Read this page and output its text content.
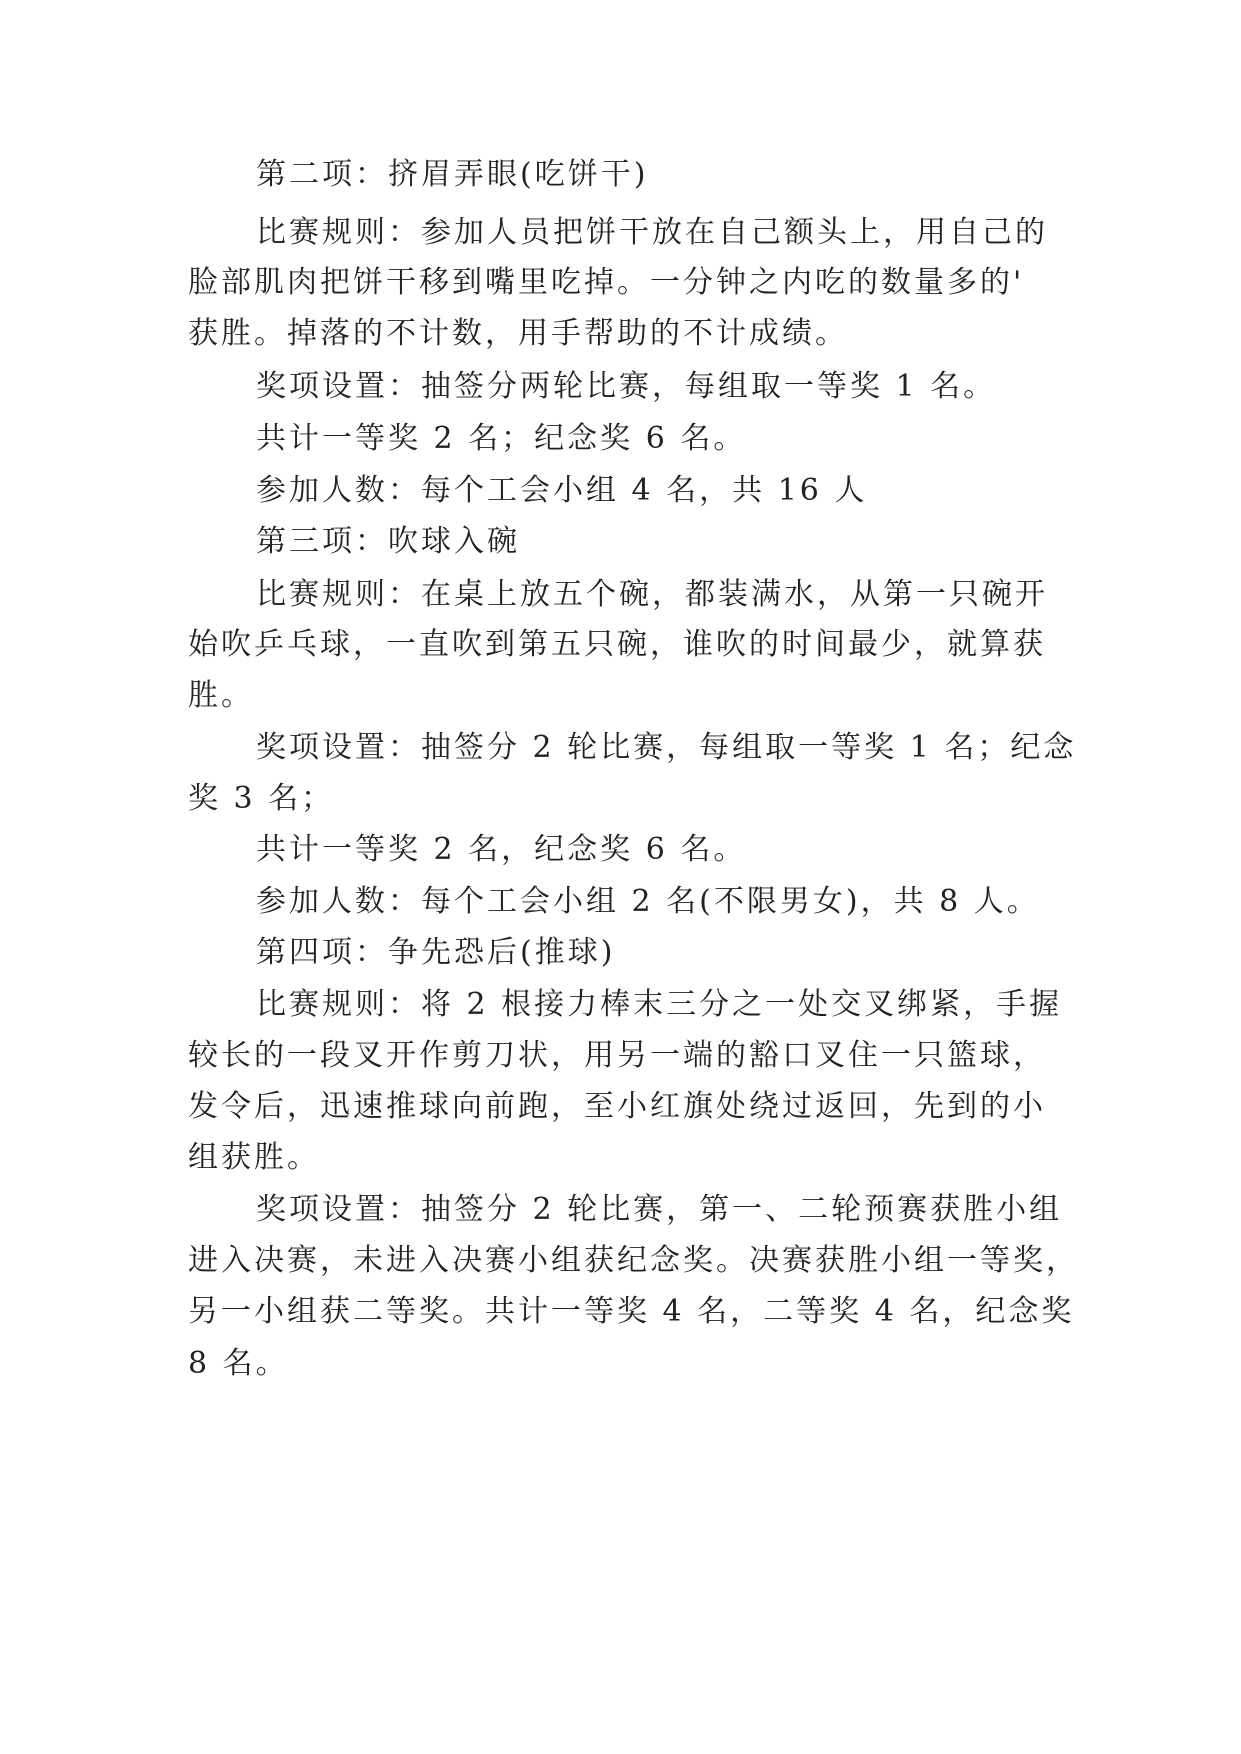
第二项：挤眉弄眼(吃饼干)
比赛规则：参加人员把饼干放在自己额头上，用自己的
脸部肌肉把饼干移到嘴里吃掉。一分钟之内吃的数量多的'
获胜。掉落的不计数，用手帮助的不计成绩。
奖项设置：抽签分两轮比赛，每组取一等奖 1 名。
共计一等奖 2 名；纪念奖 6 名。
参加人数：每个工会小组 4 名，共 16 人
第三项：吹球入碗
比赛规则：在桌上放五个碗，都装满水，从第一只碗开
始吹乒乓球，一直吹到第五只碗，谁吹的时间最少，就算获
胜。
奖项设置：抽签分 2 轮比赛，每组取一等奖 1 名；纪念
奖 3 名；
共计一等奖 2 名，纪念奖 6 名。
参加人数：每个工会小组 2 名(不限男女)，共 8 人。
第四项：争先恐后(推球)
比赛规则：将 2 根接力棒末三分之一处交叉绑紧，手握
较长的一段叉开作剪刀状，用另一端的豁口叉住一只篮球，
发令后，迅速推球向前跑，至小红旗处绕过返回，先到的小
组获胜。
奖项设置：抽签分 2 轮比赛，第一、二轮预赛获胜小组
进入决赛，未进入决赛小组获纪念奖。决赛获胜小组一等奖，
另一小组获二等奖。共计一等奖 4 名，二等奖 4 名，纪念奖
8 名。
